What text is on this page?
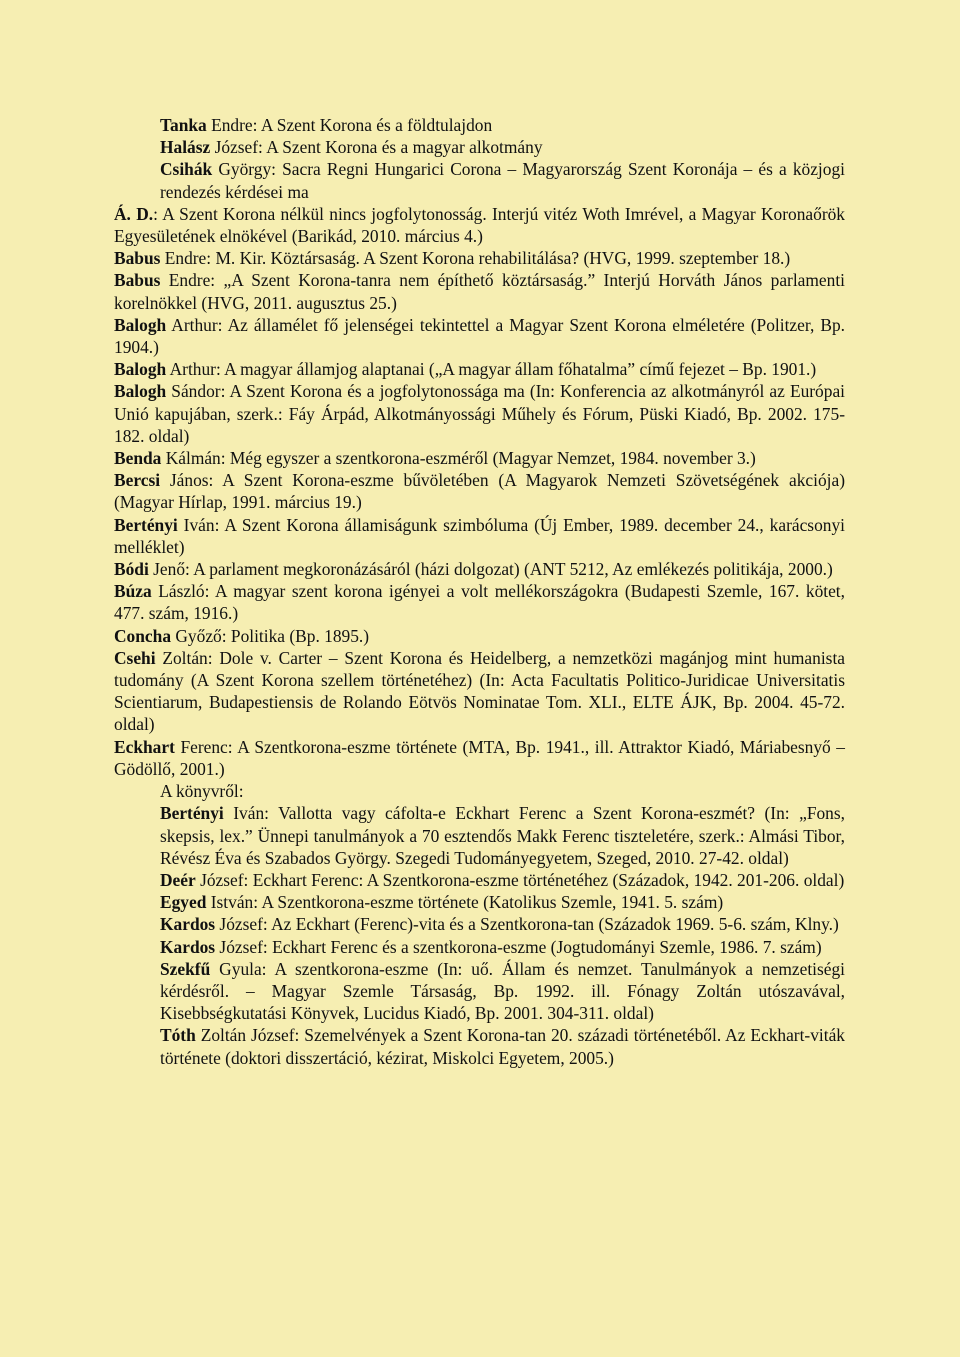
Tanka Endre: A Szent Korona és a földtulajdon
Halász József: A Szent Korona és a magyar alkotmány
Csihák György: Sacra Regni Hungarici Corona – Magyarország Szent Koronája – és a közjogi rendezés kérdései ma
Á. D.: A Szent Korona nélkül nincs jogfolytonosság. Interjú vitéz Woth Imrével, a Magyar Koronaőrök Egyesületének elnökével (Barikád, 2010. március 4.)
Babus Endre: M. Kir. Köztársaság. A Szent Korona rehabilitálása? (HVG, 1999. szeptember 18.)
Babus Endre: „A Szent Korona-tanra nem építhető köztársaság.” Interjú Horváth János parlamenti korelnökkel (HVG, 2011. augusztus 25.)
Balogh Arthur: Az államélet fő jelenségei tekintettel a Magyar Szent Korona elméletére (Politzer, Bp. 1904.)
Balogh Arthur: A magyar államjog alaptanai („A magyar állam főhatalma” című fejezet – Bp. 1901.)
Balogh Sándor: A Szent Korona és a jogfolytonossága ma (In: Konferencia az alkotmányról az Európai Unió kapujában, szerk.: Fáy Árpád, Alkotmányossági Műhely és Fórum, Püski Kiadó, Bp. 2002. 175-182. oldal)
Benda Kálmán: Még egyszer a szentkorona-eszméről (Magyar Nemzet, 1984. november 3.)
Bercsi János: A Szent Korona-eszme bűvöletében (A Magyarok Nemzeti Szövetségének akciója) (Magyar Hírlap, 1991. március 19.)
Bertényi Iván: A Szent Korona államiságunk szimbóluma (Új Ember, 1989. december 24., karácsonyi melléklet)
Bódi Jenő: A parlament megkoronázásáról (házi dolgozat) (ANT 5212, Az emlékezés politikája, 2000.)
Búza László: A magyar szent korona igényei a volt mellékországokra (Budapesti Szemle, 167. kötet, 477. szám, 1916.)
Concha Győző: Politika (Bp. 1895.)
Csehi Zoltán: Dole v. Carter – Szent Korona és Heidelberg, a nemzetközi magánjog mint humanista tudomány (A Szent Korona szellem történetéhez) (In: Acta Facultatis Politico-Juridicae Universitatis Scientiarum, Budapestiensis de Rolando Eötvös Nominatae Tom. XLI., ELTE ÁJK, Bp. 2004. 45-72. oldal)
Eckhart Ferenc: A Szentkorona-eszme története (MTA, Bp. 1941., ill. Attraktor Kiadó, Máriabesnyő – Gödöllő, 2001.)
A könyvről:
Bertényi Iván: Vallotta vagy cáfolta-e Eckhart Ferenc a Szent Korona-eszmét? (In: „Fons, skepsis, lex.” Ünnepi tanulmányok a 70 esztendős Makk Ferenc tiszteletére, szerk.: Almási Tibor, Révész Éva és Szabados György. Szegedi Tudományegyetem, Szeged, 2010. 27-42. oldal)
Deér József: Eckhart Ferenc: A Szentkorona-eszme történetéhez (Századok, 1942. 201-206. oldal)
Egyed István: A Szentkorona-eszme története (Katolikus Szemle, 1941. 5. szám)
Kardos József: Az Eckhart (Ferenc)-vita és a Szentkorona-tan (Századok 1969. 5-6. szám, Klny.)
Kardos József: Eckhart Ferenc és a szentkorona-eszme (Jogtudományi Szemle, 1986. 7. szám)
Szekfű Gyula: A szentkorona-eszme (In: uő. Állam és nemzet. Tanulmányok a nemzetiségi kérdésről. – Magyar Szemle Társaság, Bp. 1992. ill. Fónagy Zoltán utószavával, Kisebbségkutatási Könyvek, Lucidus Kiadó, Bp. 2001. 304-311. oldal)
Tóth Zoltán József: Szemelvények a Szent Korona-tan 20. századi történetéből. Az Eckhart-viták története (doktori disszertáció, kézirat, Miskolci Egyetem, 2005.)
